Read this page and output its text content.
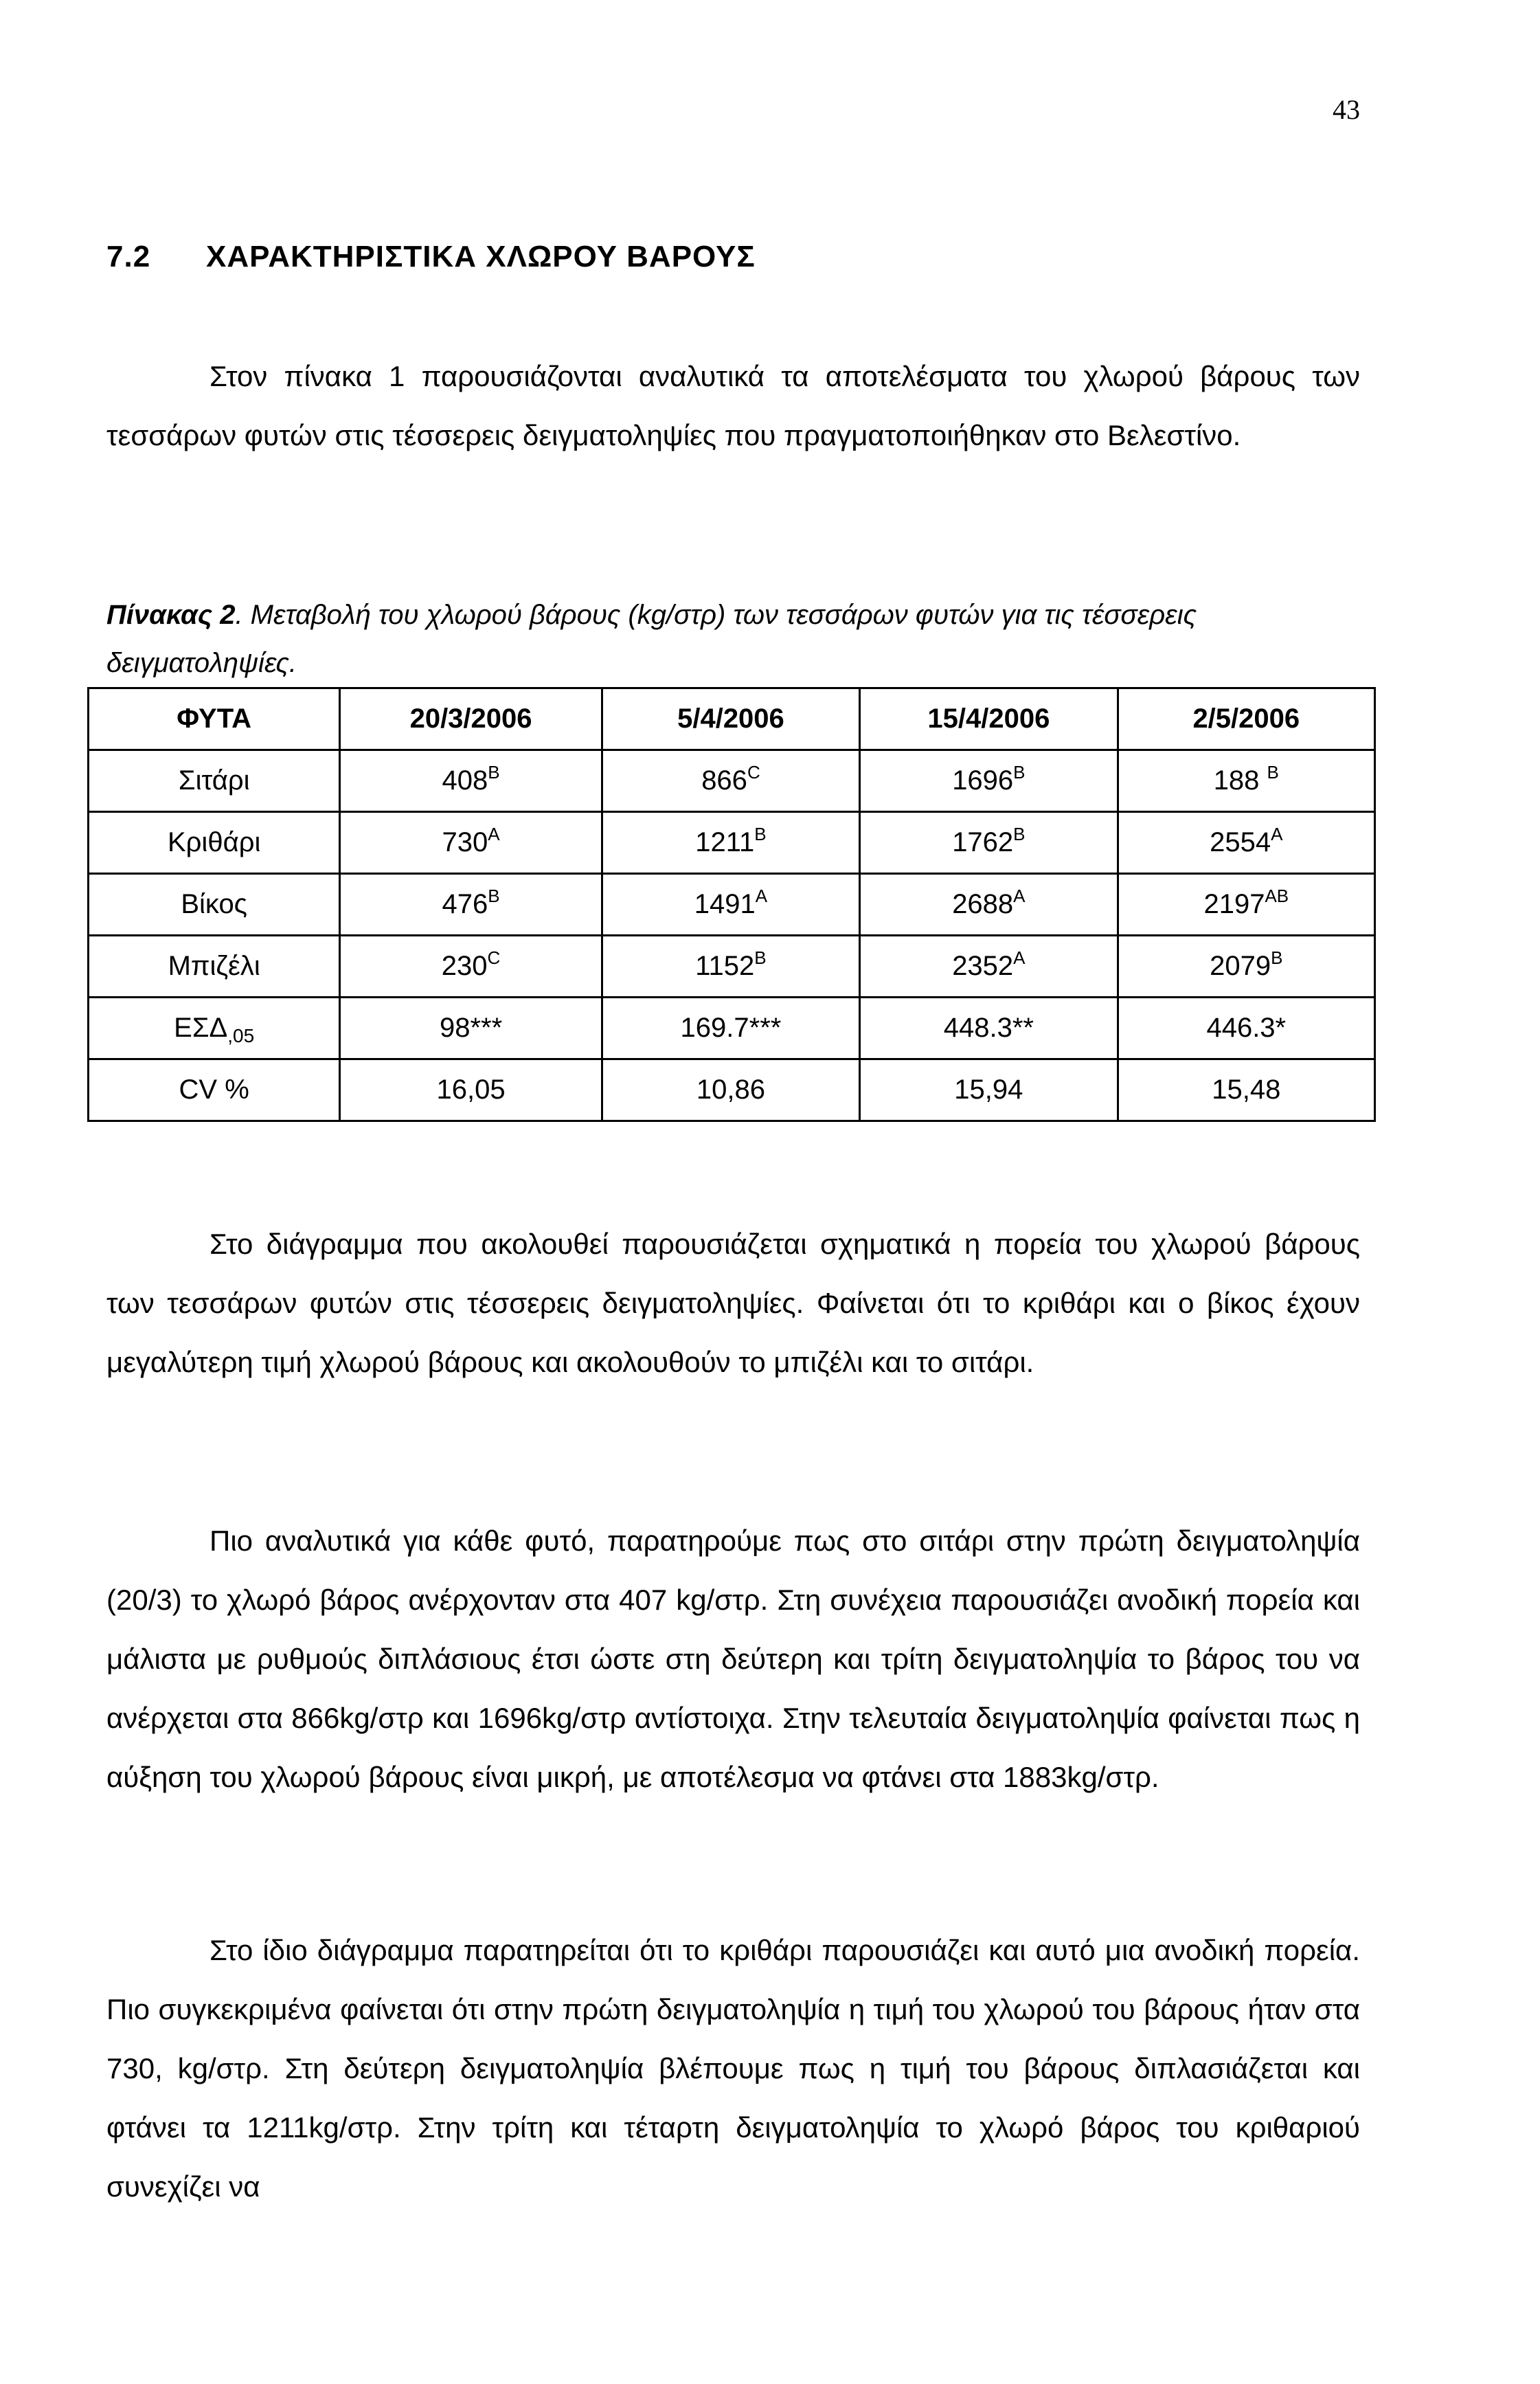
43
7.2 ΧΑΡΑΚΤΗΡΙΣΤΙΚΑ ΧΛΩΡΟΥ ΒΑΡΟΥΣ

Στον πίνακα 1 παρουσιάζονται αναλυτικά τα αποτελέσματα του χλωρού βάρους των τεσσάρων φυτών στις τέσσερεις δειγματοληψίες που πραγματοποιήθηκαν στο Βελεστίνο.

Πίνακας 2. Μεταβολή του χλωρού βάρους (kg/στρ) των τεσσάρων φυτών για τις τέσσερεις δειγματοληψίες.

ΦΥΤΑ	20/3/2006	5/4/2006	15/4/2006	2/5/2006
Σιτάρι	$408^B$	$866^C$	$1696^B$	188 $^B$
Κριθάρι	$730^A$	$1211^B$	$1762^B$	$2554^A$
Βίκος	$476^B$	$1491^A$	$2688^A$	$2197^{AB}$
Μπιζέλι	$230^C$	$1152^B$	$2352^A$	$2079^B$
$E\Sigma\Delta_{,05}$	98***	169.7***	448.3**	446.3*
CV %	16,05	10,86	15,94	15,48

Στο διάγραμμα που ακολουθεί παρουσιάζεται σχηματικά η πορεία του χλωρού βάρους των τεσσάρων φυτών στις τέσσερεις δειγματοληψίες. Φαίνεται ότι το κριθάρι και ο βίκος έχουν μεγαλύτερη τιμή χλωρού βάρους και ακολουθούν το μπιζέλι και το σιτάρι.

Πιο αναλυτικά για κάθε φυτό, παρατηρούμε πως στο σιτάρι στην πρώτη δειγματοληψία (20/3) το χλωρό βάρος ανέρχονταν στα 407 kg/στρ. Στη συνέχεια παρουσιάζει ανοδική πορεία και μάλιστα με ρυθμούς διπλάσιους έτσι ώστε στη δεύτερη και τρίτη δειγματοληψία το βάρος του να ανέρχεται στα 866kg/στρ και 1696kg/στρ αντίστοιχα. Στην τελευταία δειγματοληψία φαίνεται πως η αύξηση του χλωρού βάρους είναι μικρή, με αποτέλεσμα να φτάνει στα 1883kg/στρ.

Στο ίδιο διάγραμμα παρατηρείται ότι το κριθάρι παρουσιάζει και αυτό μια ανοδική πορεία. Πιο συγκεκριμένα φαίνεται ότι στην πρώτη δειγματοληψία η τιμή του χλωρού του βάρους ήταν στα 730, kg/στρ. Στη δεύτερη δειγματοληψία βλέπουμε πως η τιμή του βάρους διπλασιάζεται και φτάνει τα 1211kg/στρ. Στην τρίτη και τέταρτη δειγματοληψία το χλωρό βάρος του κριθαριού συνεχίζει να
